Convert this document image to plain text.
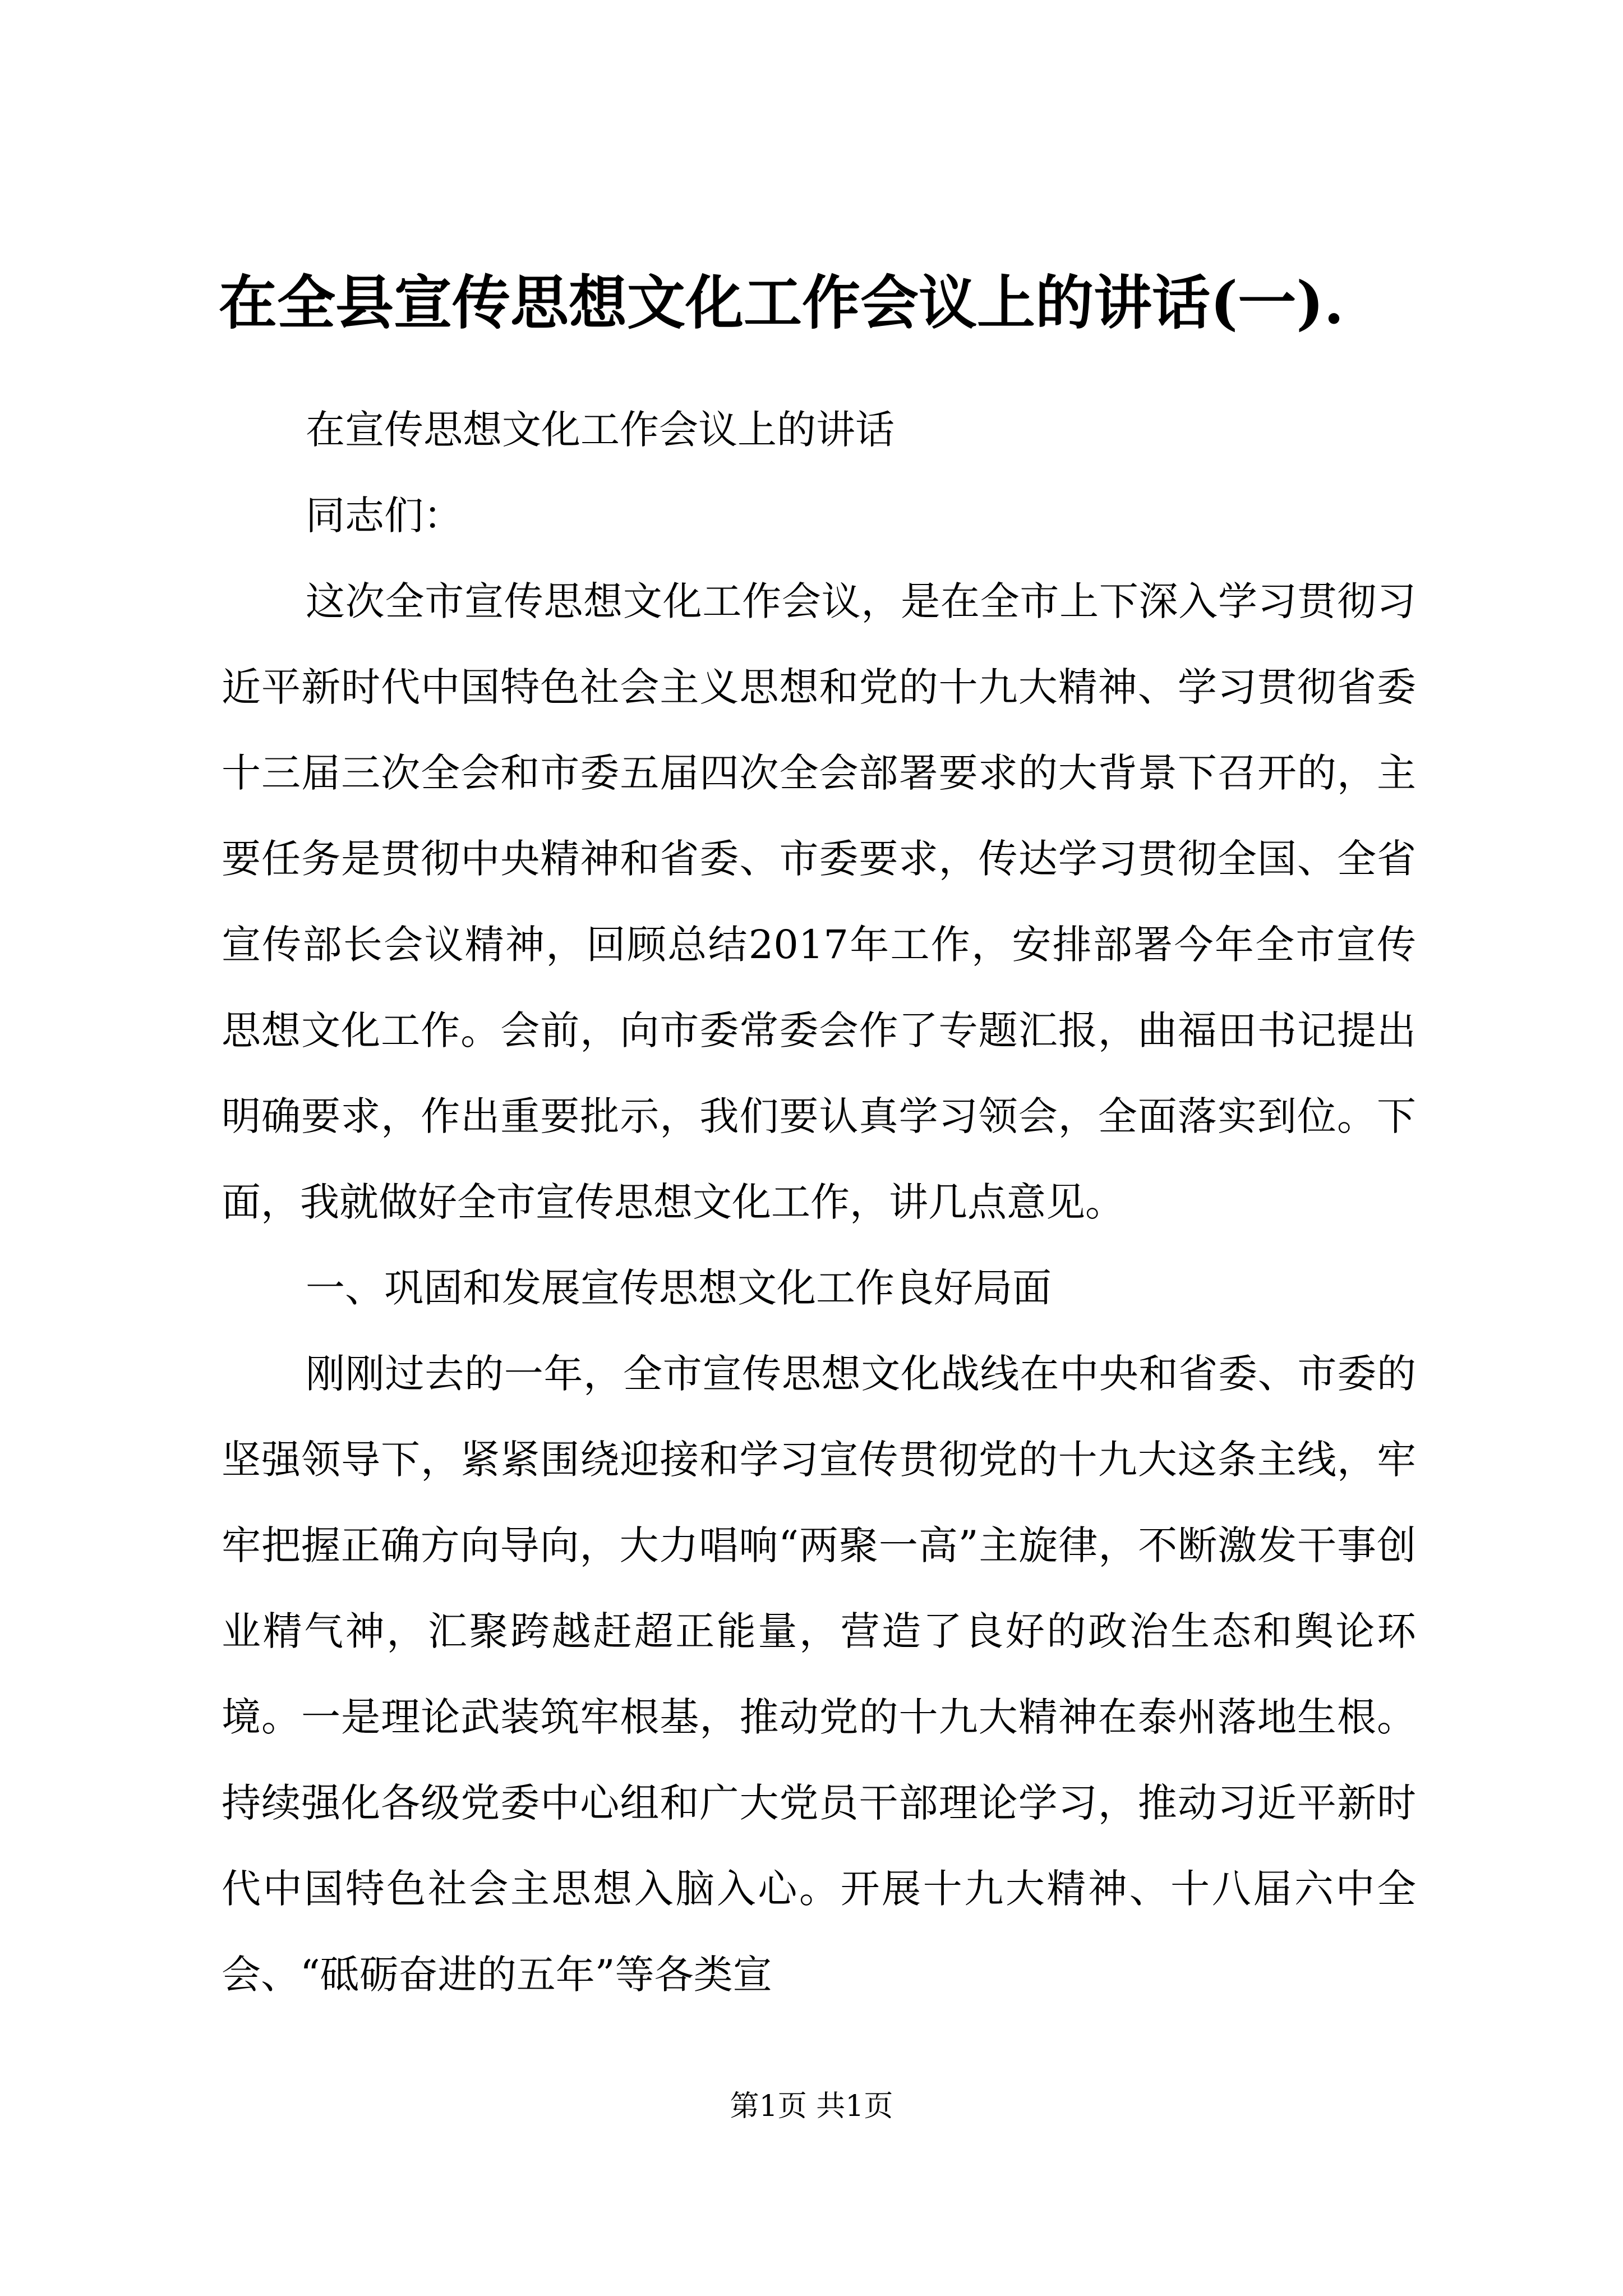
在全县宣传思想文化工作会议上的讲话(一).

在宣传思想文化工作会议上的讲话

同志们：

这次全市宣传思想文化工作会议，是在全市上下深入学习贯彻习近平新时代中国特色社会主义思想和党的十九大精神、学习贯彻省委十三届三次全会和市委五届四次全会部署要求的大背景下召开的，主要任务是贯彻中央精神和省委、市委要求，传达学习贯彻全国、全省宣传部长会议精神，回顾总结2017年工作，安排部署今年全市宣传思想文化工作。会前，向市委常委会作了专题汇报，曲福田书记提出明确要求，作出重要批示，我们要认真学习领会，全面落实到位。下面，我就做好全市宣传思想文化工作，讲几点意见。

一、巩固和发展宣传思想文化工作良好局面

刚刚过去的一年，全市宣传思想文化战线在中央和省委、市委的坚强领导下，紧紧围绕迎接和学习宣传贯彻党的十九大这条主线，牢牢把握正确方向导向，大力唱响“两聚一高”主旋律，不断激发干事创业精气神，汇聚跨越赶超正能量，营造了良好的政治生态和舆论环境。一是理论武装筑牢根基，推动党的十九大精神在泰州落地生根。持续强化各级党委中心组和广大党员干部理论学习，推动习近平新时代中国特色社会主思想入脑入心。开展十九大精神、十八届六中全会、“砥砺奋进的五年”等各类宣

第1页 共1页
